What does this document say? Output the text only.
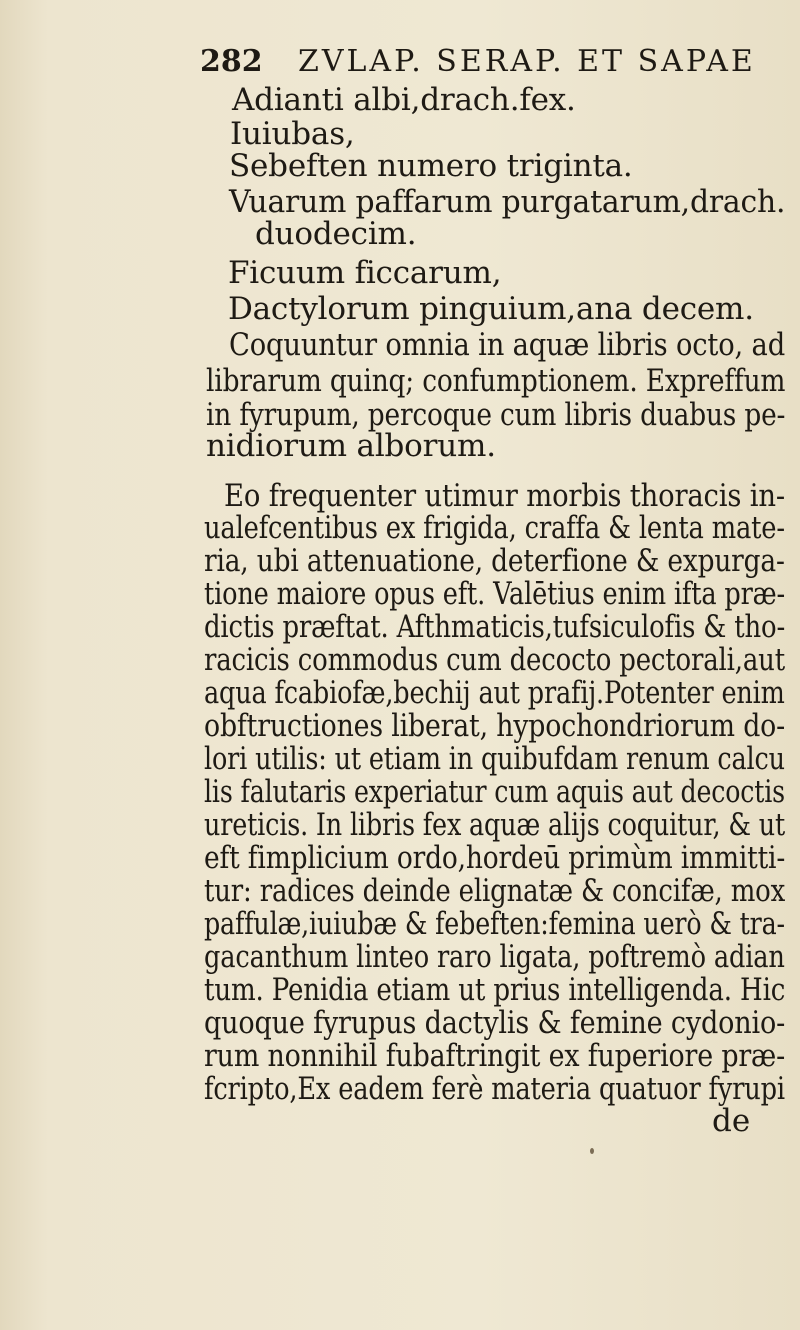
282 ZVLAP. SERAP. ET SAPAE
Adianti albi,drach.fex.
Iuiubas,
Sebeften numero triginta.
Vuarum paffarum purgatarum,drach.
duodecim.
Ficuum ficcarum,
Dactylorum pinguium,ana decem.
Coquuntur omnia in aquæ libris octo, ad
librarum quinq; confumptionem. Expreffum
in fyrupum, percoque cum libris duabus pe-
nidiorum alborum.
Eo frequenter utimur morbis thoracis in-
ualefcentibus ex frigida, craffa & lenta mate-
ria, ubi attenuatione, deterfione & expurga-
tione maiore opus eft. Valētius enim ifta præ-
dictis præftat. Afthmaticis,tufsiculofis & tho-
racicis commodus cum decocto pectorali,aut
aqua fcabiofæ,bechij aut prafij.Potenter enim
obftructiones liberat, hypochondriorum do-
lori utilis: ut etiam in quibufdam renum calcu
lis falutaris experiatur cum aquis aut decoctis
ureticis. In libris fex aquæ alijs coquitur, & ut
eft fimplicium ordo,hordeū primùm immitti-
tur: radices deinde elignatæ & concifæ, mox
paffulæ,iuiubæ & febeften:femina uerò & tra-
gacanthum linteo raro ligata, poftremò adian
tum. Penidia etiam ut prius intelligenda. Hic
quoque fyrupus dactylis & femine cydonio-
rum nonnihil fubaftringit ex fuperiore præ-
fcripto,Ex eadem ferè materia quatuor fyrupi
de
